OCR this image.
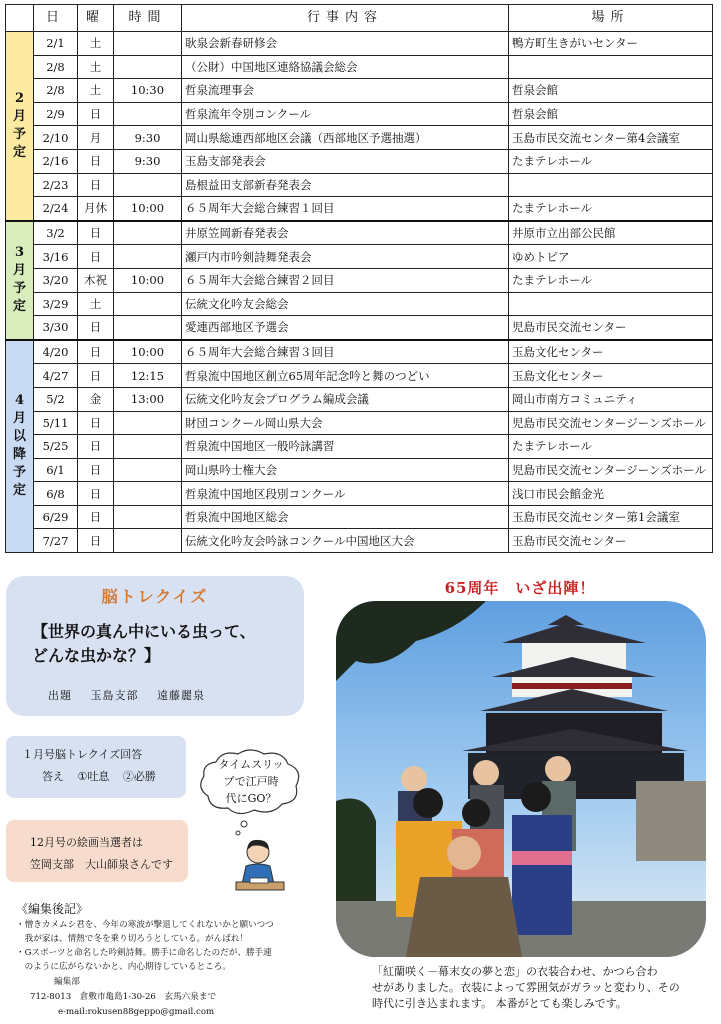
	日	曜	時間	行事内容	場所

2月予定	2/1	土		耿泉会新春研修会	鴨方町生きがいセンター
	2/8	土		（公財）中国地区連絡協議会総会	
	2/8	土	10:30	哲泉流理事会	哲泉会館
	2/9	日		哲泉流年令別コンクール	哲泉会館
	2/10	月	9:30	岡山県総連西部地区会議（西部地区予選抽選）	玉島市民交流センター第4会議室
	2/16	日	9:30	玉島支部発表会	たまテレホール
	2/23	日		島根益田支部新春発表会	
	2/24	月休	10:00	６５周年大会総合練習１回目	たまテレホール

3月予定	3/2	日		井原笠岡新春発表会	井原市立出部公民館
	3/16	日		瀬戸内市吟剣詩舞発表会	ゆめトピア
	3/20	木祝	10:00	６５周年大会総合練習２回目	たまテレホール
	3/29	土		伝統文化吟友会総会	
	3/30	日		愛連西部地区予選会	児島市民交流センター

4月以降予定	4/20	日	10:00	６５周年大会総合練習３回目	玉島文化センター
	4/27	日	12:15	哲泉流中国地区創立65周年記念吟と舞のつどい	玉島文化センター
	5/2	金	13:00	伝統文化吟友会プログラム編成会議	岡山市南方コミュニティ
	5/11	日		財団コンクール岡山県大会	児島市民交流センタージーンズホール
	5/25	日		哲泉流中国地区一般吟詠講習	たまテレホール
	6/1	日		岡山県吟士権大会	児島市民交流センタージーンズホール
	6/8	日		哲泉流中国地区段別コンクール	浅口市民会館金光
	6/29	日		哲泉流中国地区総会	玉島市民交流センター第1会議室
	7/27	日		伝統文化吟友会吟詠コンクール中国地区大会	玉島市民交流センター
脳トレクイズ
【世界の真ん中にいる虫って、
どんな虫かな？】
出題 玉島支部 遠藤麗泉
１月号脳トレクイズ回答
答え ①吐息 ②必勝
12月号の絵画当選者は
笠岡支部　大山師泉さんです
タイムスリッ
プで江戸時
代にGO？
《編集後記》
・憎きカメムシ君を、今年の寒波が撃退してくれないかと願いつつ
　我が家は、情熱で冬を乗り切ろうとしている。がんばれ！
・Gスポーツと命名した吟剣詩舞。勝手に命名したのだが、勝手連
　のように広がらないかと、内心期待しているところ。
編集部
712-8013　倉敷市亀島1-30-26　玄馬六泉まで
e-mail:rokusen88geppo@gmail.com
65周年　いざ出陣！
「紅蘭咲く－幕末女の夢と恋」の衣装合わせ、かつら合わ
せがありました。衣装によって雰囲気がガラッと変わり、その
時代に引き込まれます。 本番がとても楽しみです。
